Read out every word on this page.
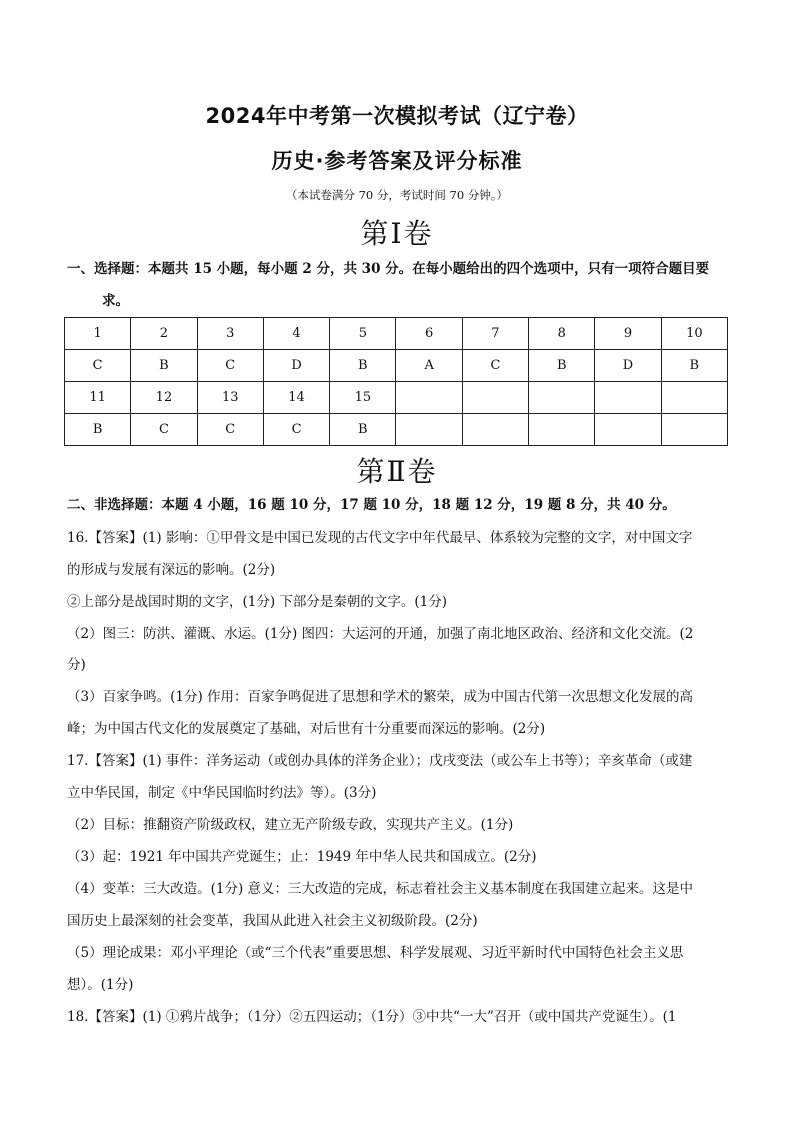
2024年中考第一次模拟考试（辽宁卷）
历史·参考答案及评分标准
（本试卷满分 70 分，考试时间 70 分钟。）
第Ⅰ卷
一、选择题：本题共 15 小题，每小题 2 分，共 30 分。在每小题给出的四个选项中，只有一项符合题目要
求。
1	2	3	4	5	6	7	8	9	10
C	B	C	D	B	A	C	B	D	B
11	12	13	14	15					
B	C	C	C	B					
第Ⅱ卷
二、非选择题：本题 4 小题，16 题 10 分，17 题 10 分，18 题 12 分，19 题 8 分，共 40 分。
16.【答案】(1) 影响：①甲骨文是中国已发现的古代文字中年代最早、体系较为完整的文字，对中国文字
的形成与发展有深远的影响。(2分)
②上部分是战国时期的文字，(1分) 下部分是秦朝的文字。(1分)
（2）图三：防洪、灌溉、水运。(1分) 图四：大运河的开通，加强了南北地区政治、经济和文化交流。(2
分)
（3）百家争鸣。(1分) 作用：百家争鸣促进了思想和学术的繁荣，成为中国古代第一次思想文化发展的高
峰；为中国古代文化的发展奠定了基础，对后世有十分重要而深远的影响。(2分)
17.【答案】(1) 事件：洋务运动（或创办具体的洋务企业）；戊戌变法（或公车上书等）；辛亥革命（或建
立中华民国，制定《中华民国临时约法》等）。(3分)
（2）目标：推翻资产阶级政权，建立无产阶级专政，实现共产主义。(1分)
（3）起：1921 年中国共产党诞生；止：1949 年中华人民共和国成立。(2分)
（4）变革：三大改造。(1分) 意义：三大改造的完成，标志着社会主义基本制度在我国建立起来。这是中
国历史上最深刻的社会变革，我国从此进入社会主义初级阶段。(2分)
（5）理论成果：邓小平理论（或“三个代表”重要思想、科学发展观、习近平新时代中国特色社会主义思
想）。(1分)
18.【答案】(1) ①鸦片战争；（1分）②五四运动；（1分）③中共“一大”召开（或中国共产党诞生）。(1
